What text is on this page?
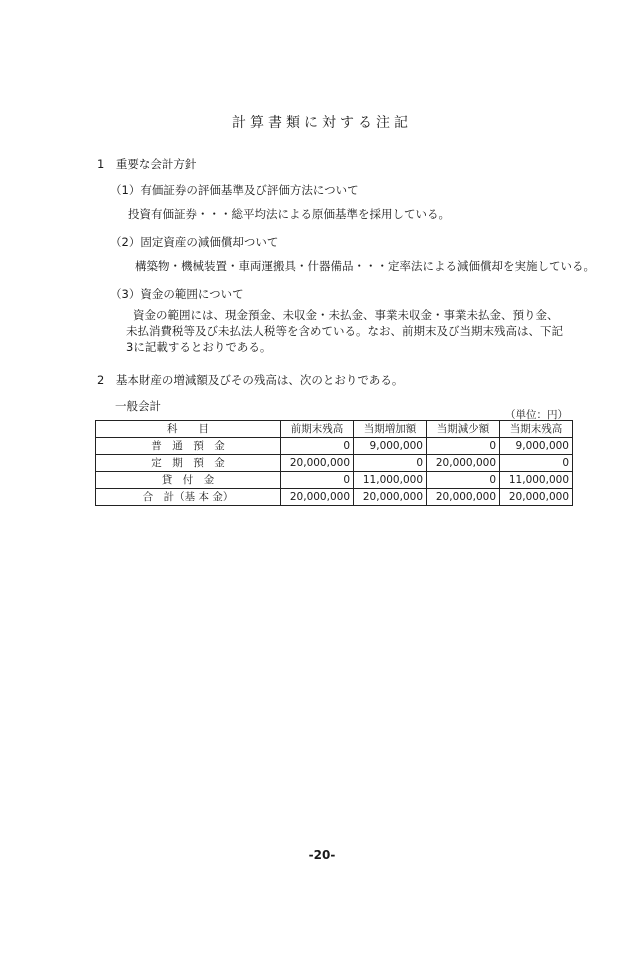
計算書類に対する注記
1　重要な会計方針
（1）有価証券の評価基準及び評価方法について
投資有価証券・・・総平均法による原価基準を採用している。
（2）固定資産の減価償却ついて
構築物・機械装置・車両運搬具・什器備品・・・定率法による減価償却を実施している。
（3）資金の範囲について
資金の範囲には、現金預金、未収金・未払金、事業未収金・事業未払金、預り金、
未払消費税等及び未払法人税等を含めている。なお、前期末及び当期末残高は、下記
3に記載するとおりである。
2　基本財産の増減額及びその残高は、次のとおりである。
一般会計
（単位：円）
科　　目	前期末残高	当期増加額	当期減少額	当期末残高
普　通　預　金	0	9,000,000	0	9,000,000
定　期　預　金	20,000,000	0	20,000,000	0
貸　付　金	0	11,000,000	0	11,000,000
合　計（基 本 金）	20,000,000	20,000,000	20,000,000	20,000,000
-20-
